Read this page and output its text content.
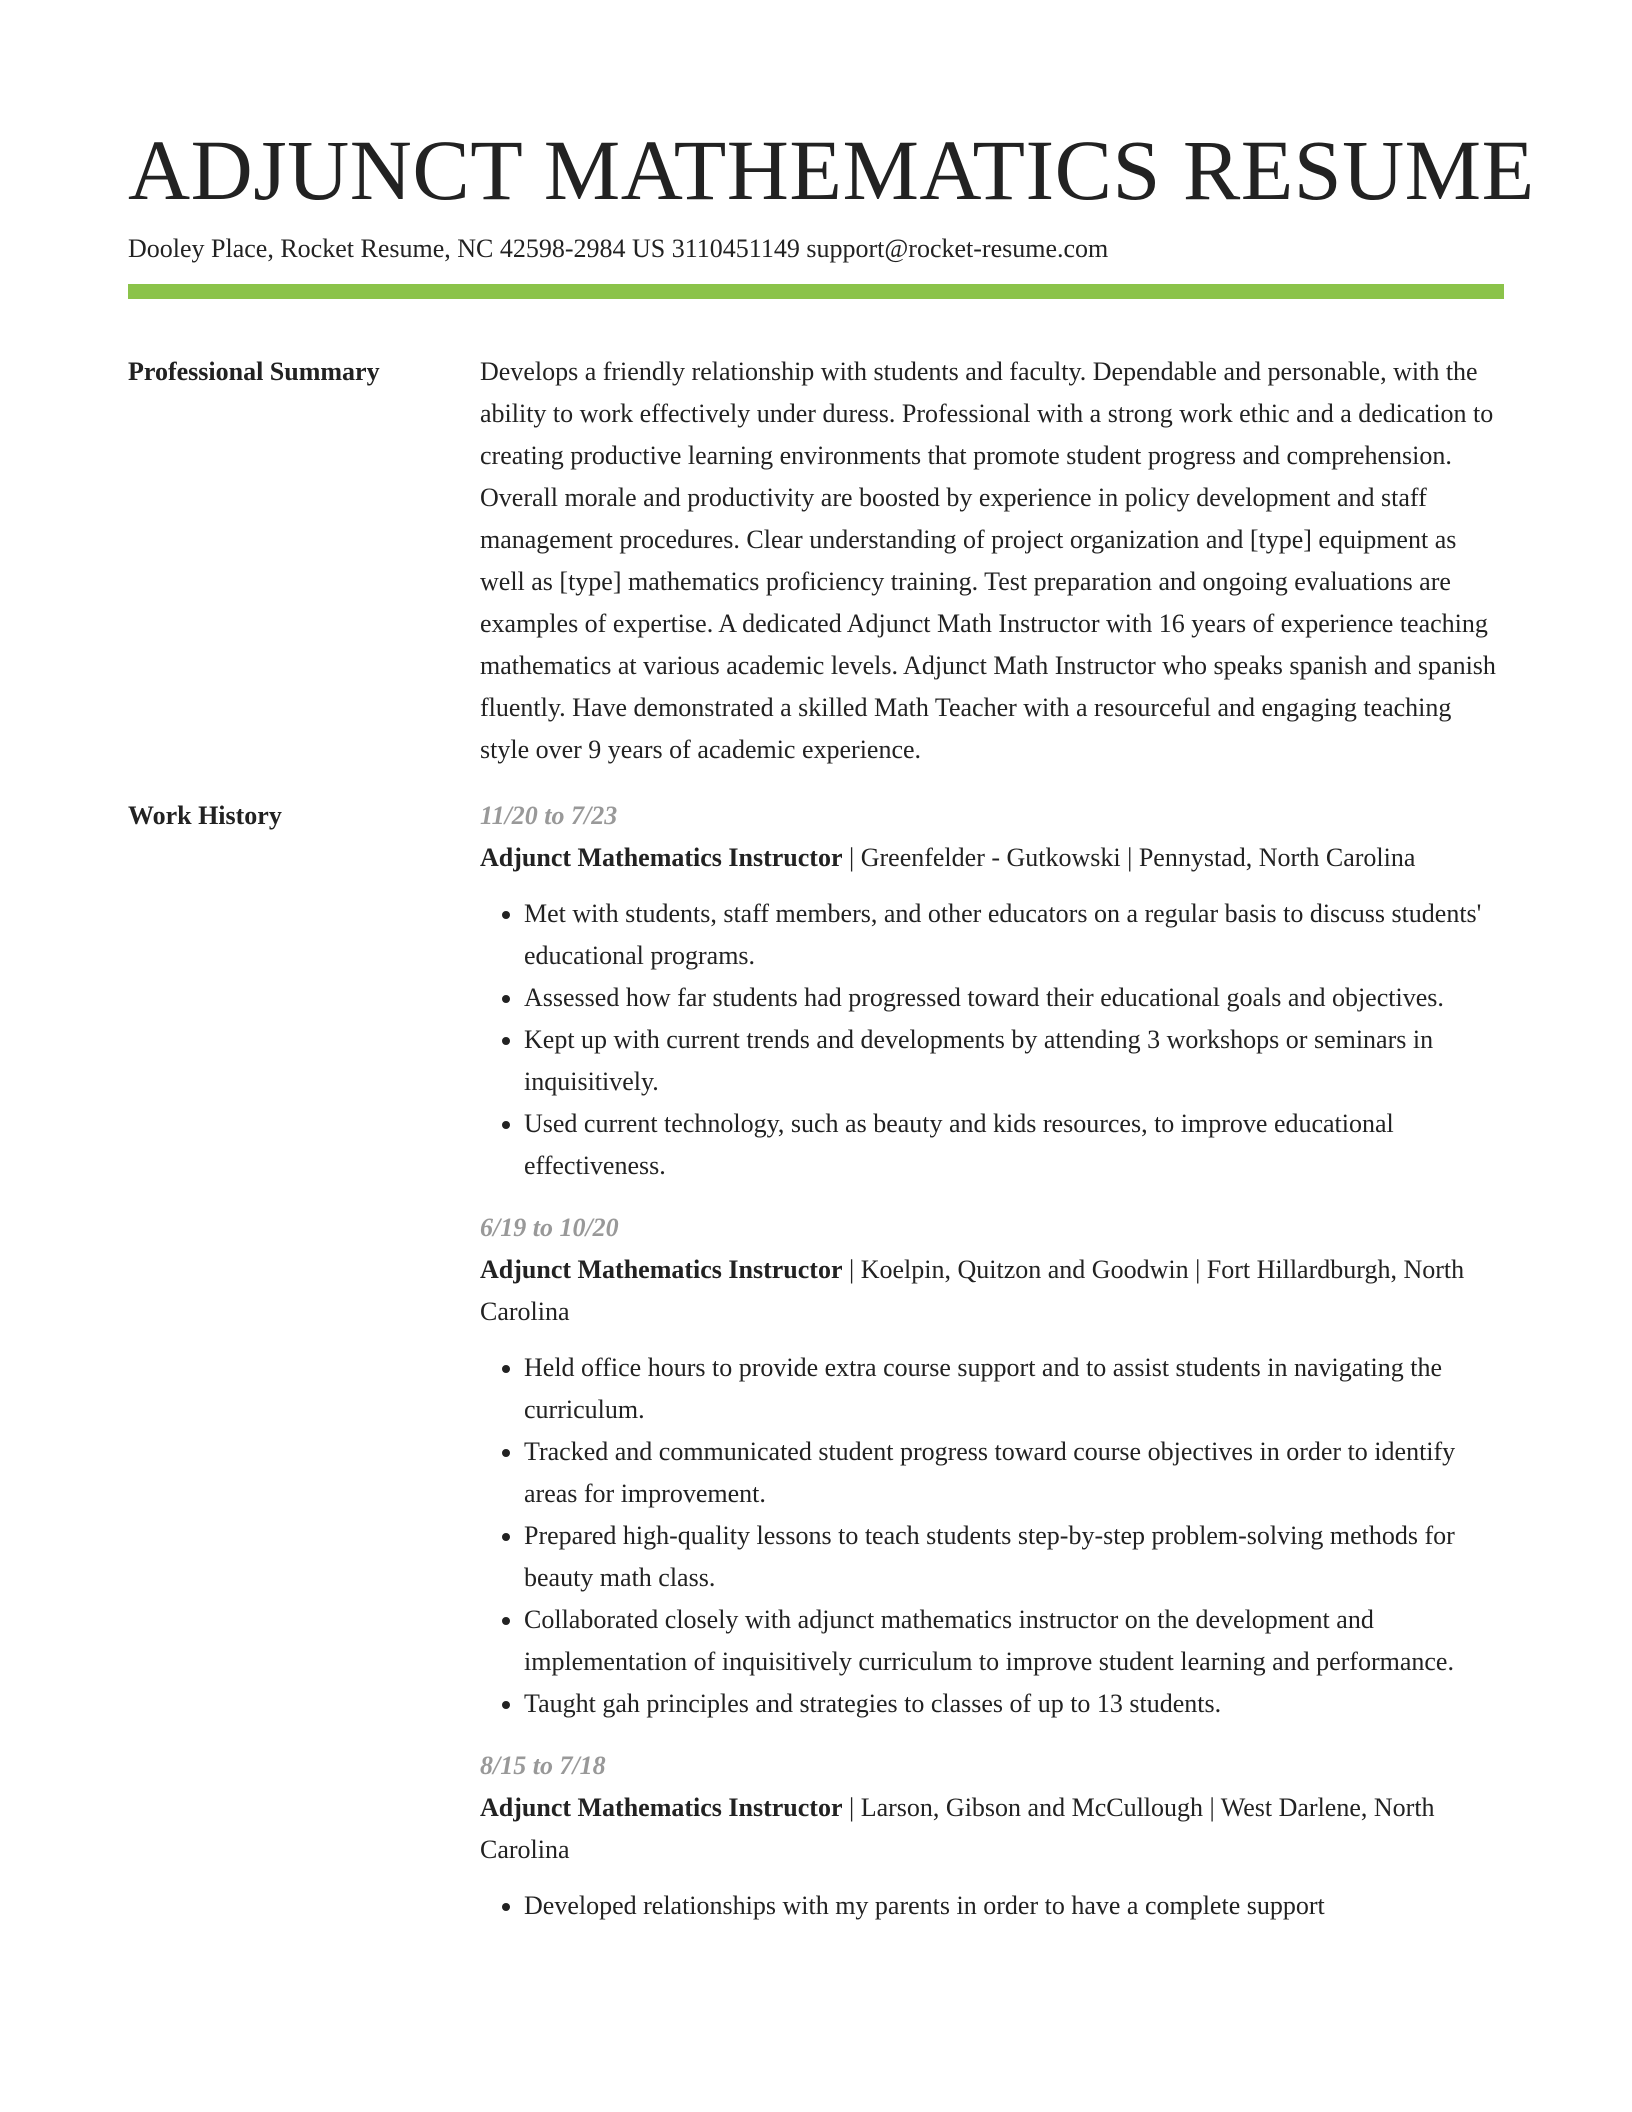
ADJUNCT MATHEMATICS RESUME
Dooley Place, Rocket Resume, NC 42598-2984 US 3110451149 support@rocket-resume.com
Professional Summary	Develops a friendly relationship with students and faculty. Dependable and personable, with the ability to work effectively under duress. Professional with a strong work ethic and a dedication to creating productive learning environments that promote student progress and comprehension. Overall morale and productivity are boosted by experience in policy development and staff management procedures. Clear understanding of project organization and [type] equipment as well as [type] mathematics proficiency training. Test preparation and ongoing evaluations are examples of expertise. A dedicated Adjunct Math Instructor with 16 years of experience teaching mathematics at various academic levels. Adjunct Math Instructor who speaks spanish and spanish fluently. Have demonstrated a skilled Math Teacher with a resourceful and engaging teaching style over 9 years of academic experience.

Work History	11/20 to 7/23

Adjunct Mathematics Instructor | Greenfelder - Gutkowski | Pennystad, North Carolina

• Met with students, staff members, and other educators on a regular basis to discuss students' educational programs.
• Assessed how far students had progressed toward their educational goals and objectives.
• Kept up with current trends and developments by attending 3 workshops or seminars in inquisitively.
• Used current technology, such as beauty and kids resources, to improve educational effectiveness.
6/19 to 10/20

Adjunct Mathematics Instructor | Koelpin, Quitzon and Goodwin | Fort Hillardburgh, North Carolina

• Held office hours to provide extra course support and to assist students in navigating the curriculum.
• Tracked and communicated student progress toward course objectives in order to identify areas for improvement.
• Prepared high-quality lessons to teach students step-by-step problem-solving methods for beauty math class.
• Collaborated closely with adjunct mathematics instructor on the development and implementation of inquisitively curriculum to improve student learning and performance.
• Taught gah principles and strategies to classes of up to 13 students.
8/15 to 7/18

Adjunct Mathematics Instructor | Larson, Gibson and McCullough | West Darlene, North Carolina

• Developed relationships with my parents in order to have a complete support
